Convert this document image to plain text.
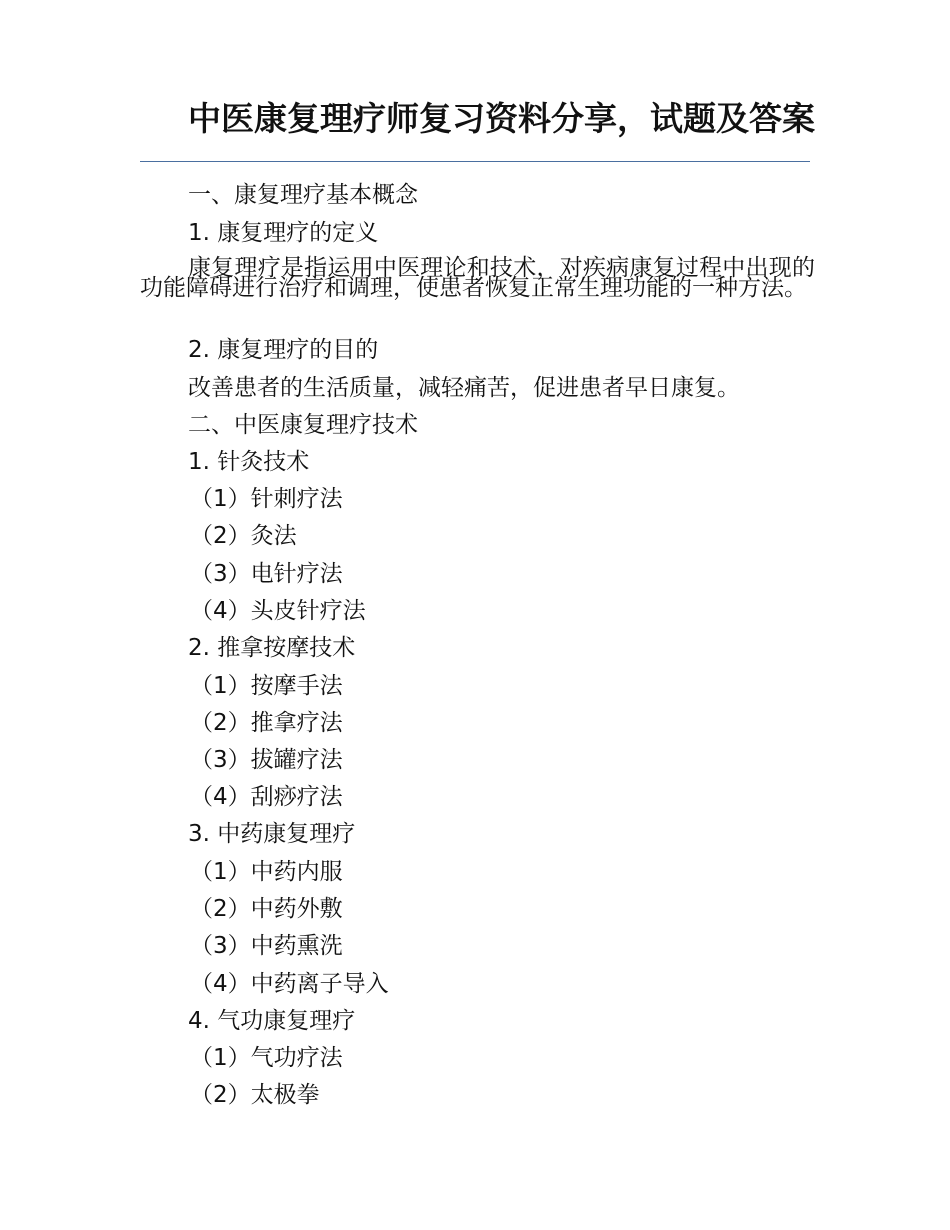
中医康复理疗师复习资料分享，试题及答案

一、康复理疗基本概念

1. 康复理疗的定义

康复理疗是指运用中医理论和技术，对疾病康复过程中出现的功能障碍进行治疗和调理，使患者恢复正常生理功能的一种方法。

2. 康复理疗的目的

改善患者的生活质量，减轻痛苦，促进患者早日康复。

二、中医康复理疗技术

1. 针灸技术

（1）针刺疗法

（2）灸法

（3）电针疗法

（4）头皮针疗法

2. 推拿按摩技术

（1）按摩手法

（2）推拿疗法

（3）拔罐疗法

（4）刮痧疗法

3. 中药康复理疗

（1）中药内服

（2）中药外敷

（3）中药熏洗

（4）中药离子导入

4. 气功康复理疗

（1）气功疗法

（2）太极拳
